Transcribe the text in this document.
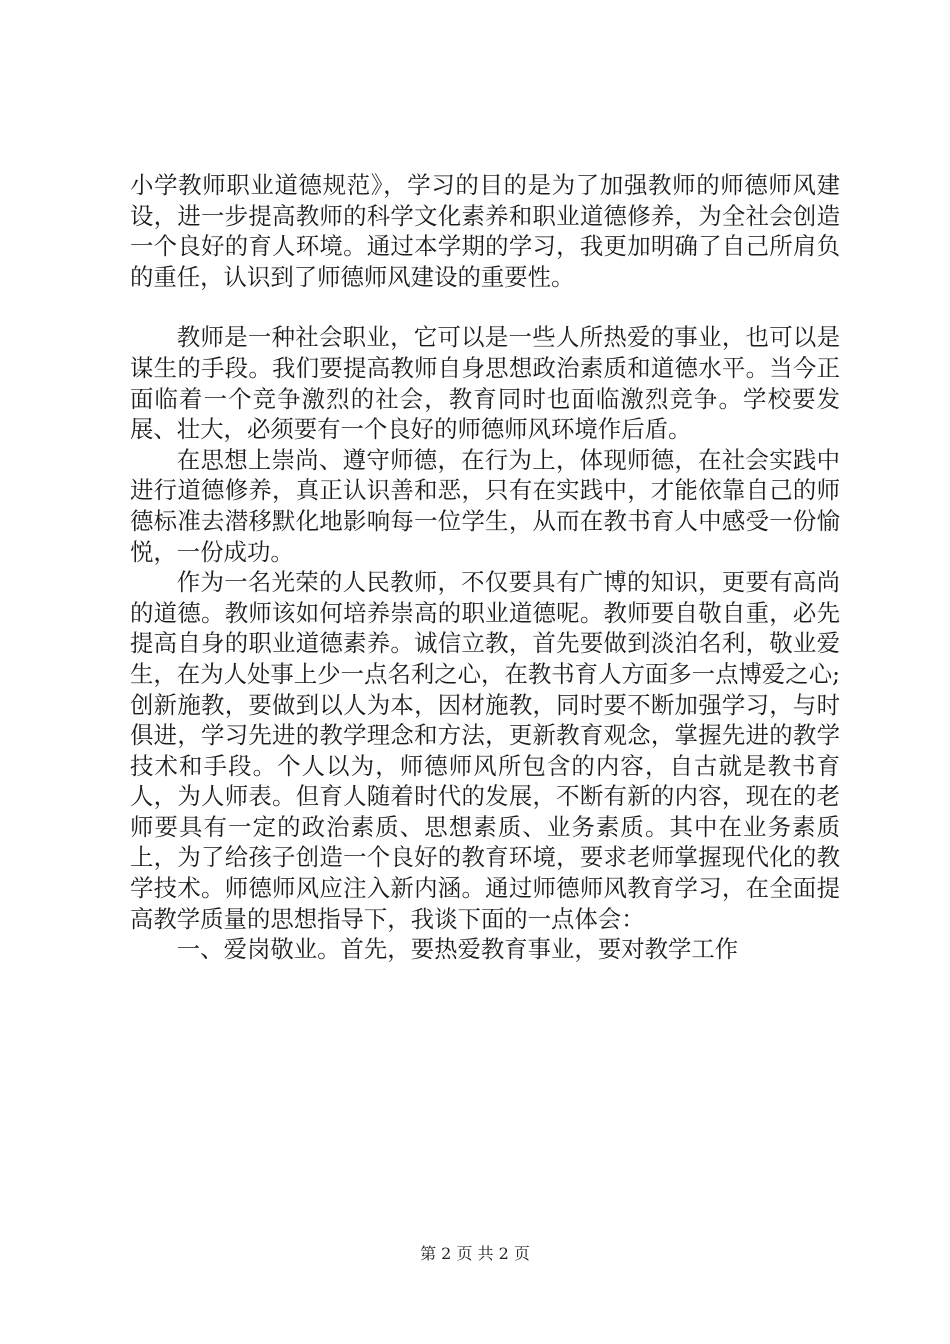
小学教师职业道德规范》，学习的目的是为了加强教师的师德师风建设，进一步提高教师的科学文化素养和职业道德修养，为全社会创造一个良好的育人环境。通过本学期的学习，我更加明确了自己所肩负的重任，认识到了师德师风建设的重要性。

教师是一种社会职业，它可以是一些人所热爱的事业，也可以是谋生的手段。我们要提高教师自身思想政治素质和道德水平。当今正面临着一个竞争激烈的社会，教育同时也面临激烈竞争。学校要发展、壮大，必须要有一个良好的师德师风环境作后盾。

在思想上崇尚、遵守师德，在行为上，体现师德，在社会实践中进行道德修养，真正认识善和恶，只有在实践中，才能依靠自己的师德标准去潜移默化地影响每一位学生，从而在教书育人中感受一份愉悦，一份成功。

作为一名光荣的人民教师，不仅要具有广博的知识，更要有高尚的道德。教师该如何培养崇高的职业道德呢。教师要自敬自重，必先提高自身的职业道德素养。诚信立教，首先要做到淡泊名利，敬业爱生，在为人处事上少一点名利之心，在教书育人方面多一点博爱之心;创新施教，要做到以人为本，因材施教，同时要不断加强学习，与时俱进，学习先进的教学理念和方法，更新教育观念，掌握先进的教学技术和手段。个人以为，师德师风所包含的内容，自古就是教书育人，为人师表。但育人随着时代的发展，不断有新的内容，现在的老师要具有一定的政治素质、思想素质、业务素质。其中在业务素质上，为了给孩子创造一个良好的教育环境，要求老师掌握现代化的教学技术。师德师风应注入新内涵。通过师德师风教育学习，在全面提高教学质量的思想指导下，我谈下面的一点体会：

一、爱岗敬业。首先，要热爱教育事业，要对教学工作

第 2 页 共 2 页
